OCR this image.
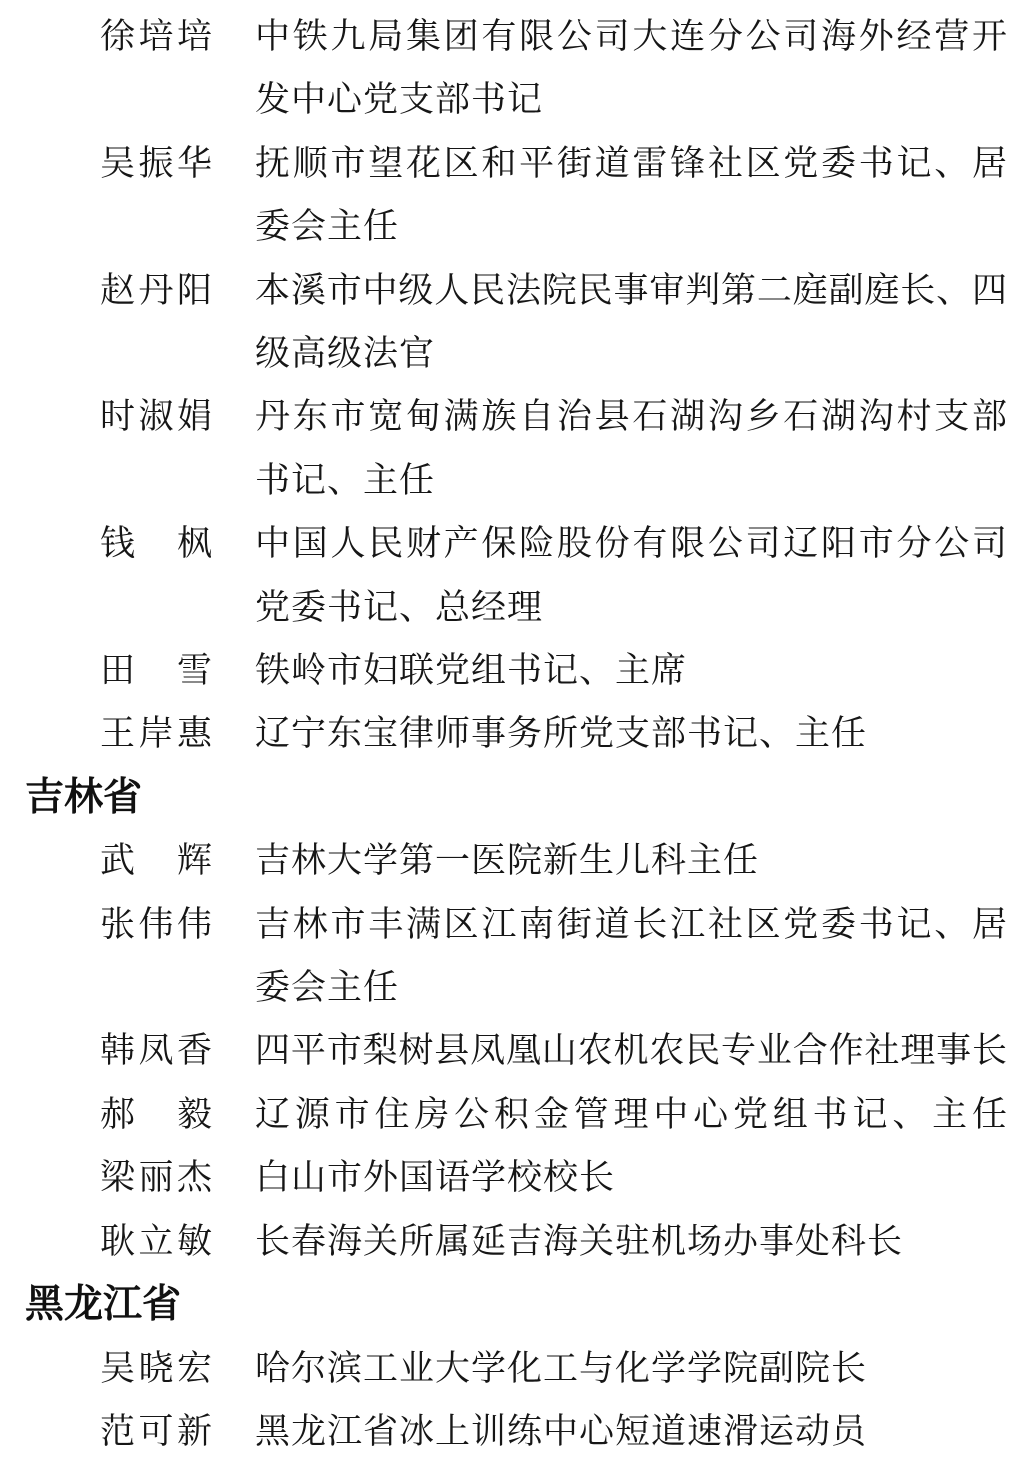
徐培培 中铁九局集团有限公司大连分公司海外经营开
发中心党支部书记
吴振华 抚顺市望花区和平街道雷锋社区党委书记、居
委会主任
赵丹阳 本溪市中级人民法院民事审判第二庭副庭长、四
级高级法官
时淑娟 丹东市宽甸满族自治县石湖沟乡石湖沟村支部
书记、主任
钱枫 中国人民财产保险股份有限公司辽阳市分公司
党委书记、总经理
田雪 铁岭市妇联党组书记、主席
王岸惠 辽宁东宝律师事务所党支部书记、主任
吉林省
武辉 吉林大学第一医院新生儿科主任
张伟伟 吉林市丰满区江南街道长江社区党委书记、居
委会主任
韩凤香 四平市梨树县凤凰山农机农民专业合作社理事长
郝毅 辽源市住房公积金管理中心党组书记、主任
梁丽杰 白山市外国语学校校长
耿立敏 长春海关所属延吉海关驻机场办事处科长
黑龙江省
吴晓宏 哈尔滨工业大学化工与化学学院副院长
范可新 黑龙江省冰上训练中心短道速滑运动员
